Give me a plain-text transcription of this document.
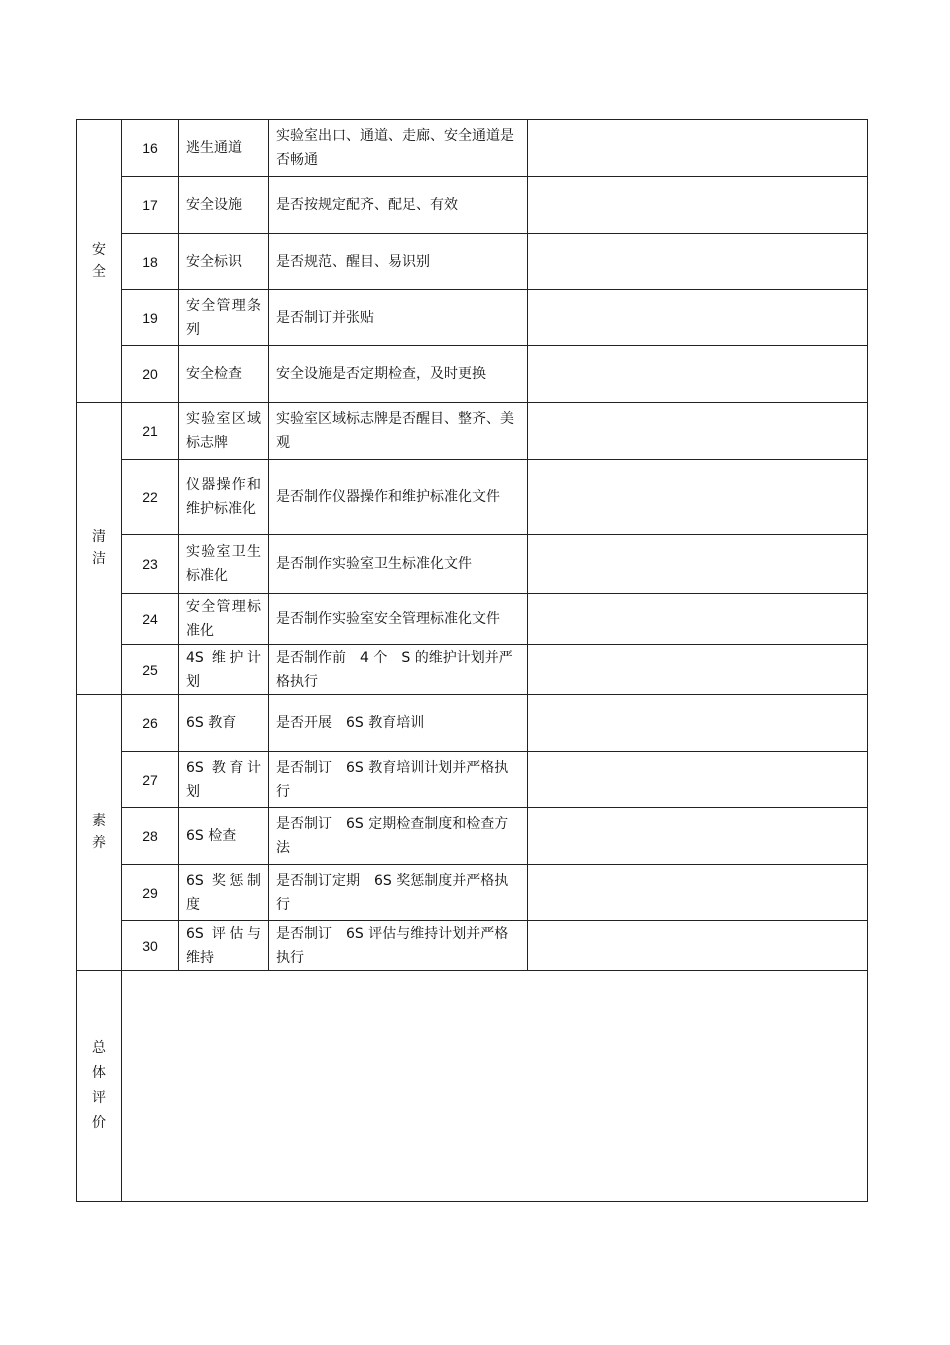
安全	16	逃生通道	实验室出口、通道、走廊、安全通道是否畅通	
	17	安全设施	是否按规定配齐、配足、有效	
	18	安全标识	是否规范、醒目、易识别	
	19	安全管理条列	是否制订并张贴	
	20	安全检查	安全设施是否定期检查，及时更换	
清洁	21	实验室区域标志牌	实验室区域标志牌是否醒目、整齐、美观	
	22	仪器操作和维护标准化	是否制作仪器操作和维护标准化文件	
	23	实验室卫生标准化	是否制作实验室卫生标准化文件	
	24	安全管理标准化	是否制作实验室安全管理标准化文件	
	25	4S 维护计划	是否制作前　4 个　S 的维护计划并严格执行	
素养	26	6S 教育	是否开展　6S 教育培训	
	27	6S 教育计划	是否制订　6S 教育培训计划并严格执行	
	28	6S 检查	是否制订　6S 定期检查制度和检查方法	
	29	6S 奖惩制度	是否制订定期　6S 奖惩制度并严格执行	
	30	6S 评估与维持	是否制订　6S 评估与维持计划并严格执行	
总体评价				
